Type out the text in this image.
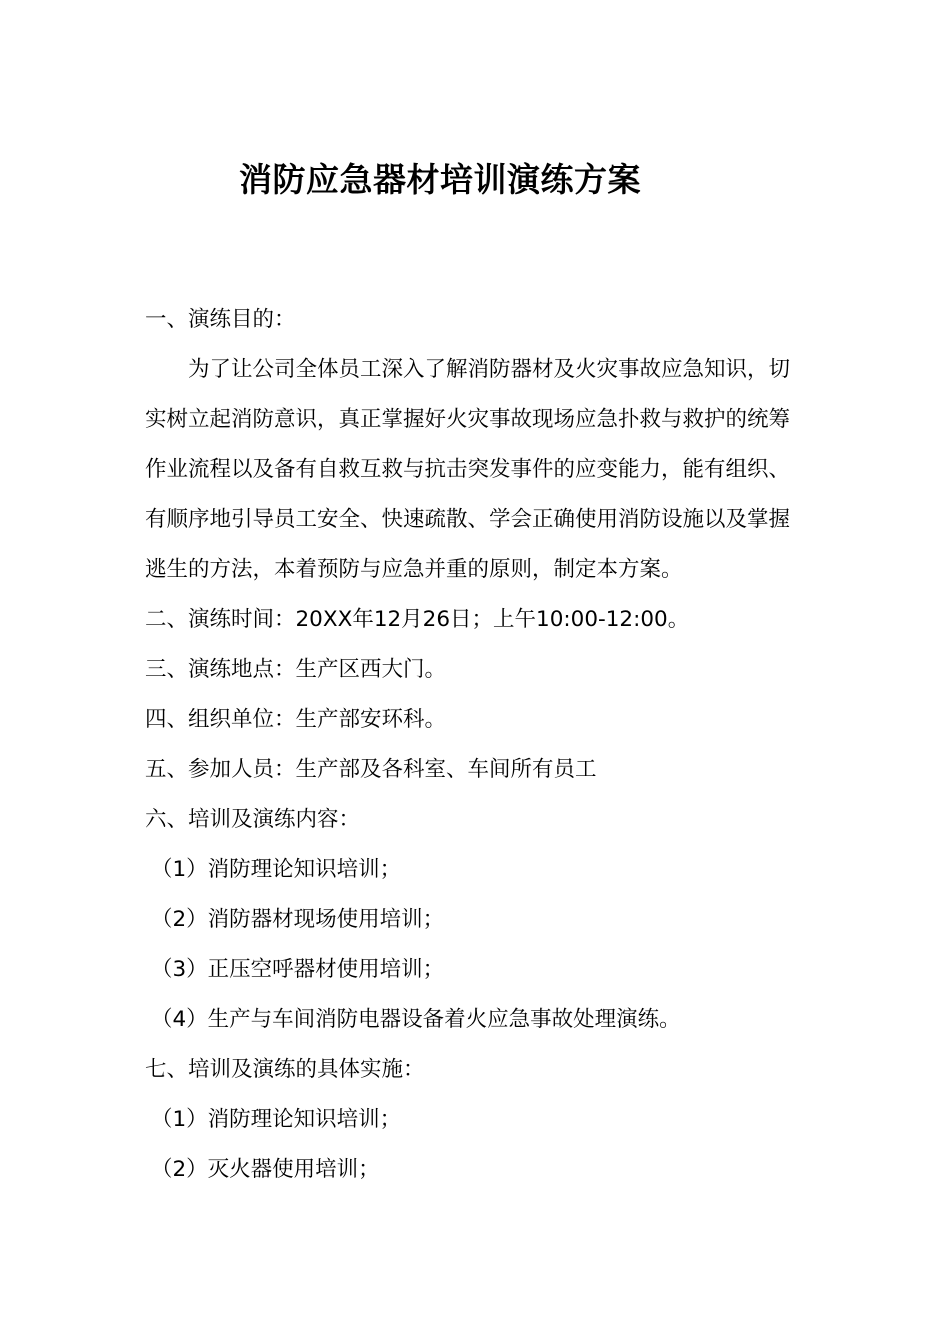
消防应急器材培训演练方案

一、演练目的：

为了让公司全体员工深入了解消防器材及火灾事故应急知识，切实树立起消防意识，真正掌握好火灾事故现场应急扑救与救护的统筹作业流程以及备有自救互救与抗击突发事件的应变能力，能有组织、有顺序地引导员工安全、快速疏散、学会正确使用消防设施以及掌握逃生的方法，本着预防与应急并重的原则，制定本方案。

二、演练时间：20XX年12月26日；上午10:00-12:00。

三、演练地点：生产区西大门。

四、组织单位：生产部安环科。

五、参加人员：生产部及各科室、车间所有员工

六、培训及演练内容：

（1）消防理论知识培训；

（2）消防器材现场使用培训；

（3）正压空呼器材使用培训；

（4）生产与车间消防电器设备着火应急事故处理演练。

七、培训及演练的具体实施：

（1）消防理论知识培训；

（2）灭火器使用培训；
